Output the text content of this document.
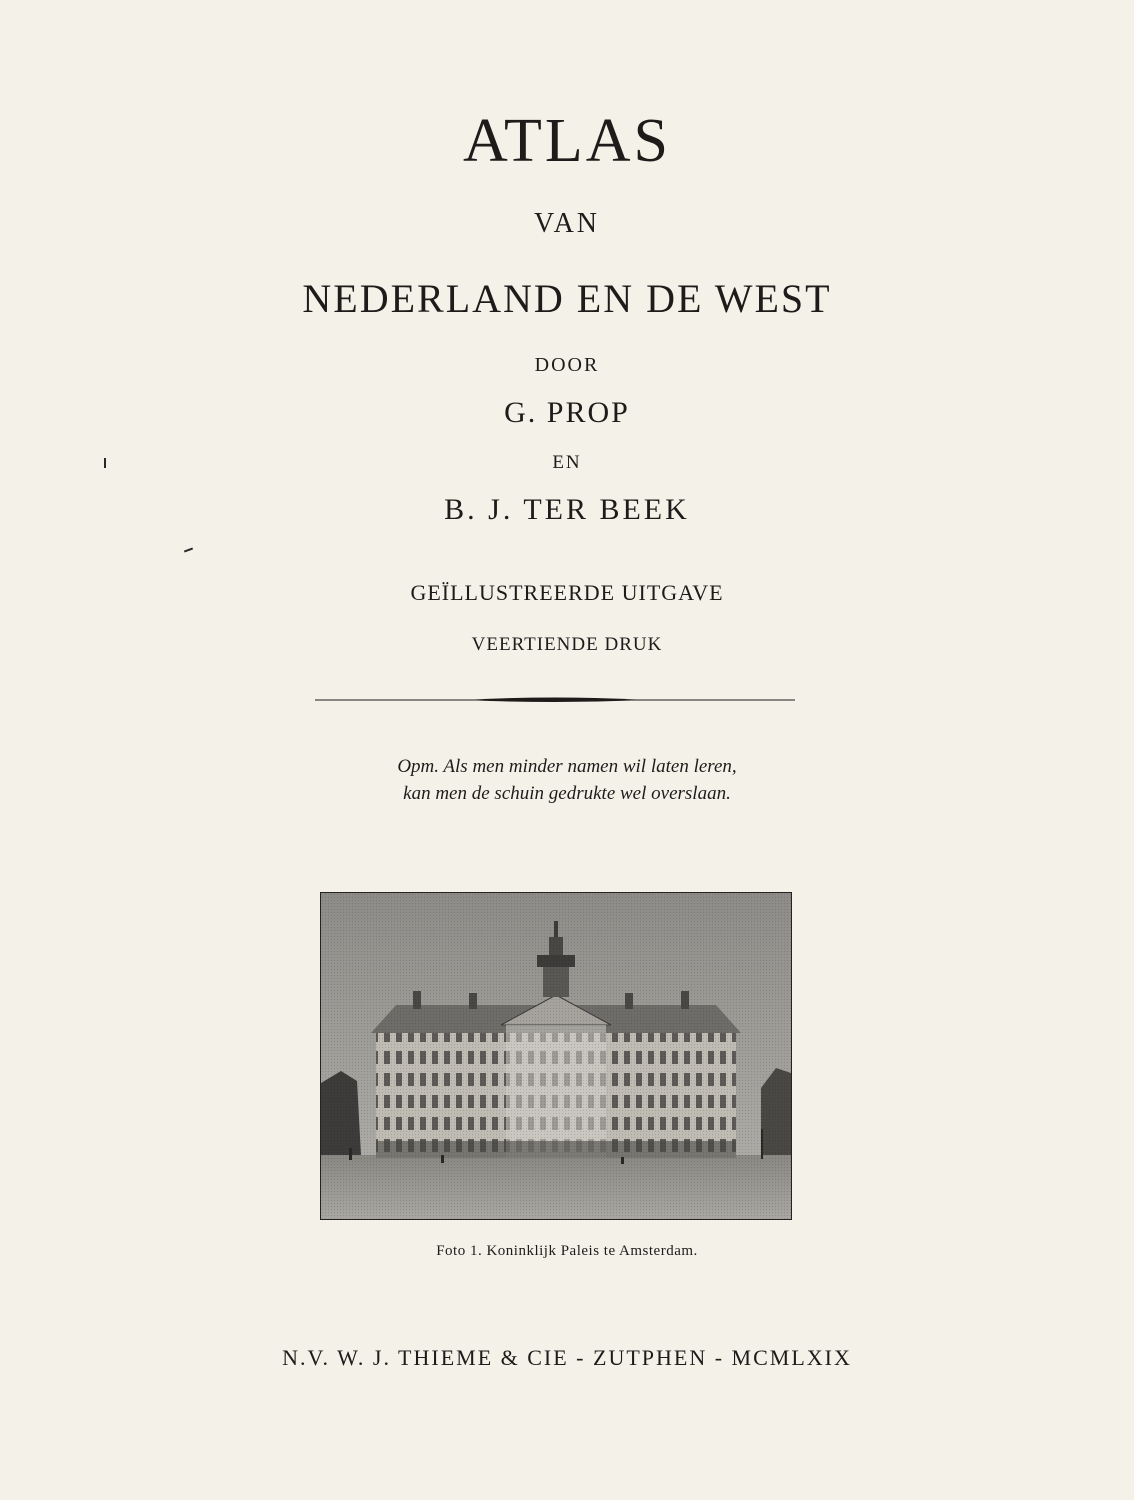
ATLAS
VAN
NEDERLAND EN DE WEST
DOOR
G. PROP
EN
B. J. TER BEEK
GEÏLLUSTREERDE UITGAVE
VEERTIENDE DRUK
Opm. Als men minder namen wil laten leren,
kan men de schuin gedrukte wel overslaan.
Foto 1. Koninklijk Paleis te Amsterdam.
N.V. W. J. THIEME & CIE - ZUTPHEN - MCMLXIX
